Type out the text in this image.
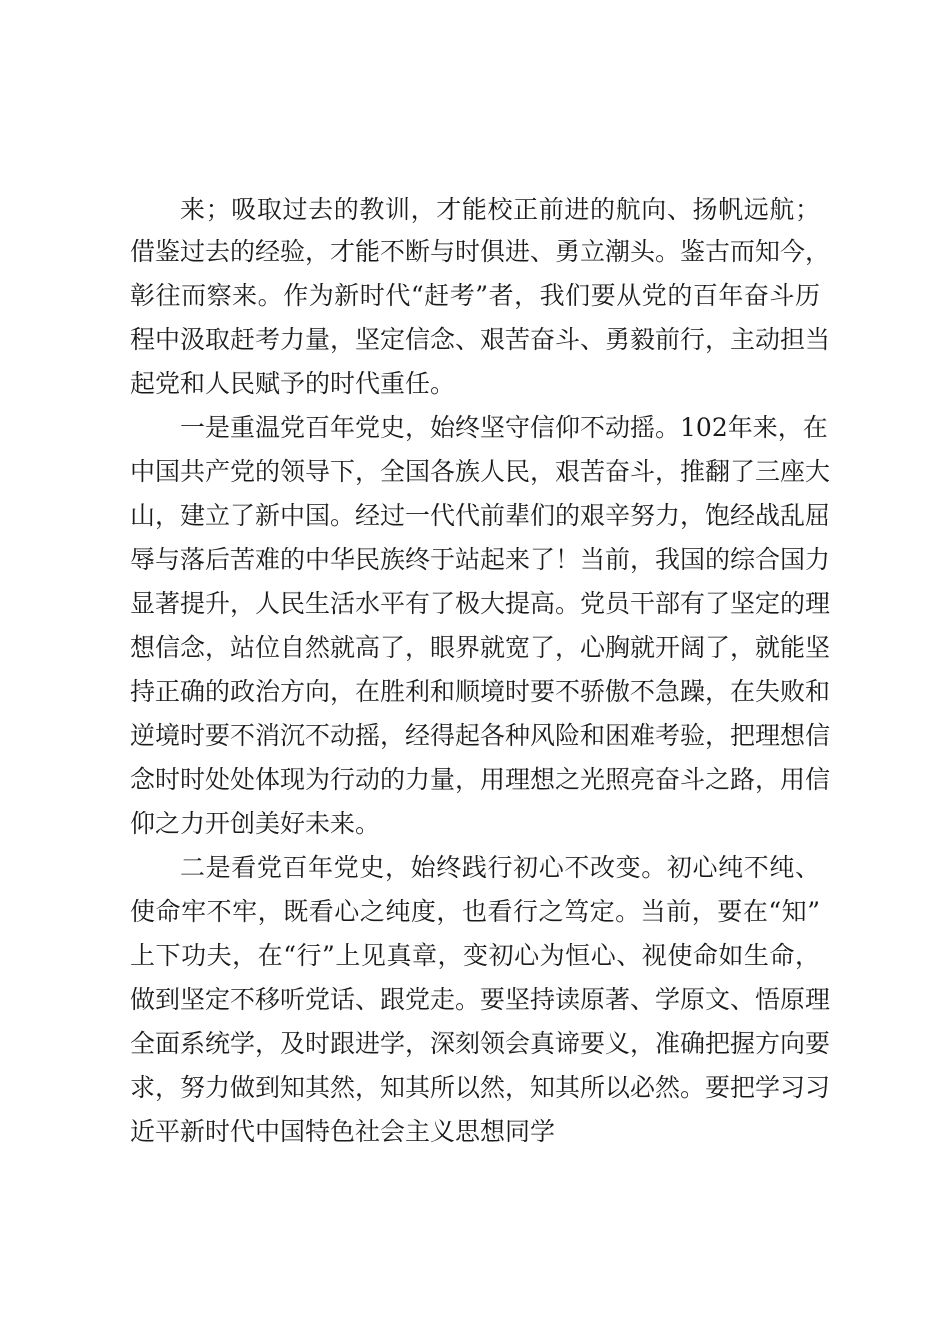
来；吸取过去的教训，才能校正前进的航向、扬帆远航；
借鉴过去的经验，才能不断与时俱进、勇立潮头。鉴古而知今，
彰往而察来。作为新时代“赶考”者，我们要从党的百年奋斗历
程中汲取赶考力量，坚定信念、艰苦奋斗、勇毅前行，主动担当
起党和人民赋予的时代重任。
一是重温党百年党史，始终坚守信仰不动摇。102年来，在
中国共产党的领导下，全国各族人民，艰苦奋斗，推翻了三座大
山，建立了新中国。经过一代代前辈们的艰辛努力，饱经战乱屈
辱与落后苦难的中华民族终于站起来了！当前，我国的综合国力
显著提升，人民生活水平有了极大提高。党员干部有了坚定的理
想信念，站位自然就高了，眼界就宽了，心胸就开阔了，就能坚
持正确的政治方向，在胜利和顺境时要不骄傲不急躁，在失败和
逆境时要不消沉不动摇，经得起各种风险和困难考验，把理想信
念时时处处体现为行动的力量，用理想之光照亮奋斗之路，用信
仰之力开创美好未来。
二是看党百年党史，始终践行初心不改变。初心纯不纯、
使命牢不牢，既看心之纯度，也看行之笃定。当前，要在“知”
上下功夫，在“行”上见真章，变初心为恒心、视使命如生命，
做到坚定不移听党话、跟党走。要坚持读原著、学原文、悟原理
全面系统学，及时跟进学，深刻领会真谛要义，准确把握方向要
求，努力做到知其然，知其所以然，知其所以必然。要把学习习
近平新时代中国特色社会主义思想同学
